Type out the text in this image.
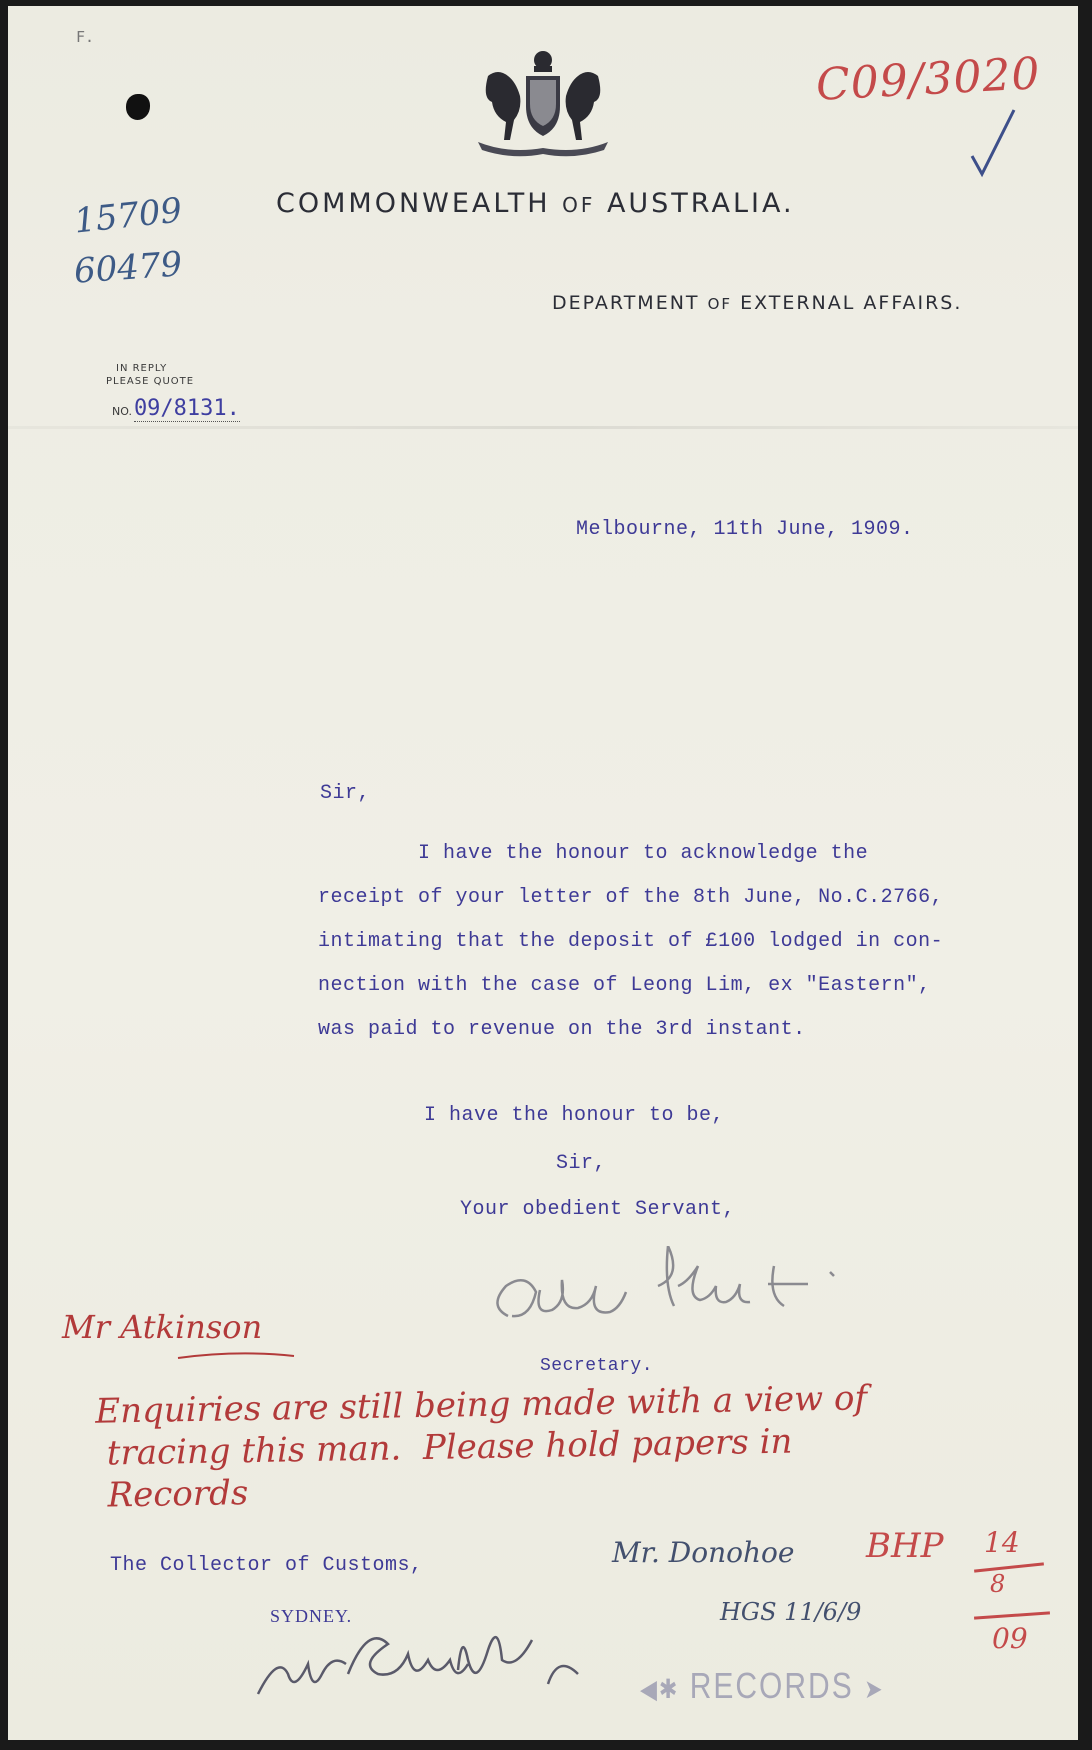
F.
C09/3020
COMMONWEALTH OF AUSTRALIA.
DEPARTMENT OF EXTERNAL AFFAIRS.
15709
60479
IN REPLY
PLEASE QUOTE
NO.09/8131.
Melbourne, 11th June, 1909.
Sir,
I have the honour to acknowledge the
receipt of your letter of the 8th June, No.C.2766,
intimating that the deposit of £100 lodged in con-
nection with the case of Leong Lim, ex "Eastern",
was paid to revenue on the 3rd instant.
I have the honour to be,
Sir,
Your obedient Servant,
Secretary.
Mr Atkinson
Enquiries are still being made with a view of
tracing this man.  Please hold papers in
Records
The Collector of Customs,
SYDNEY.
Mr. Donohoe BHP
HGS 11/6/9
14
8
09
◀✱ RECORDS ➤
